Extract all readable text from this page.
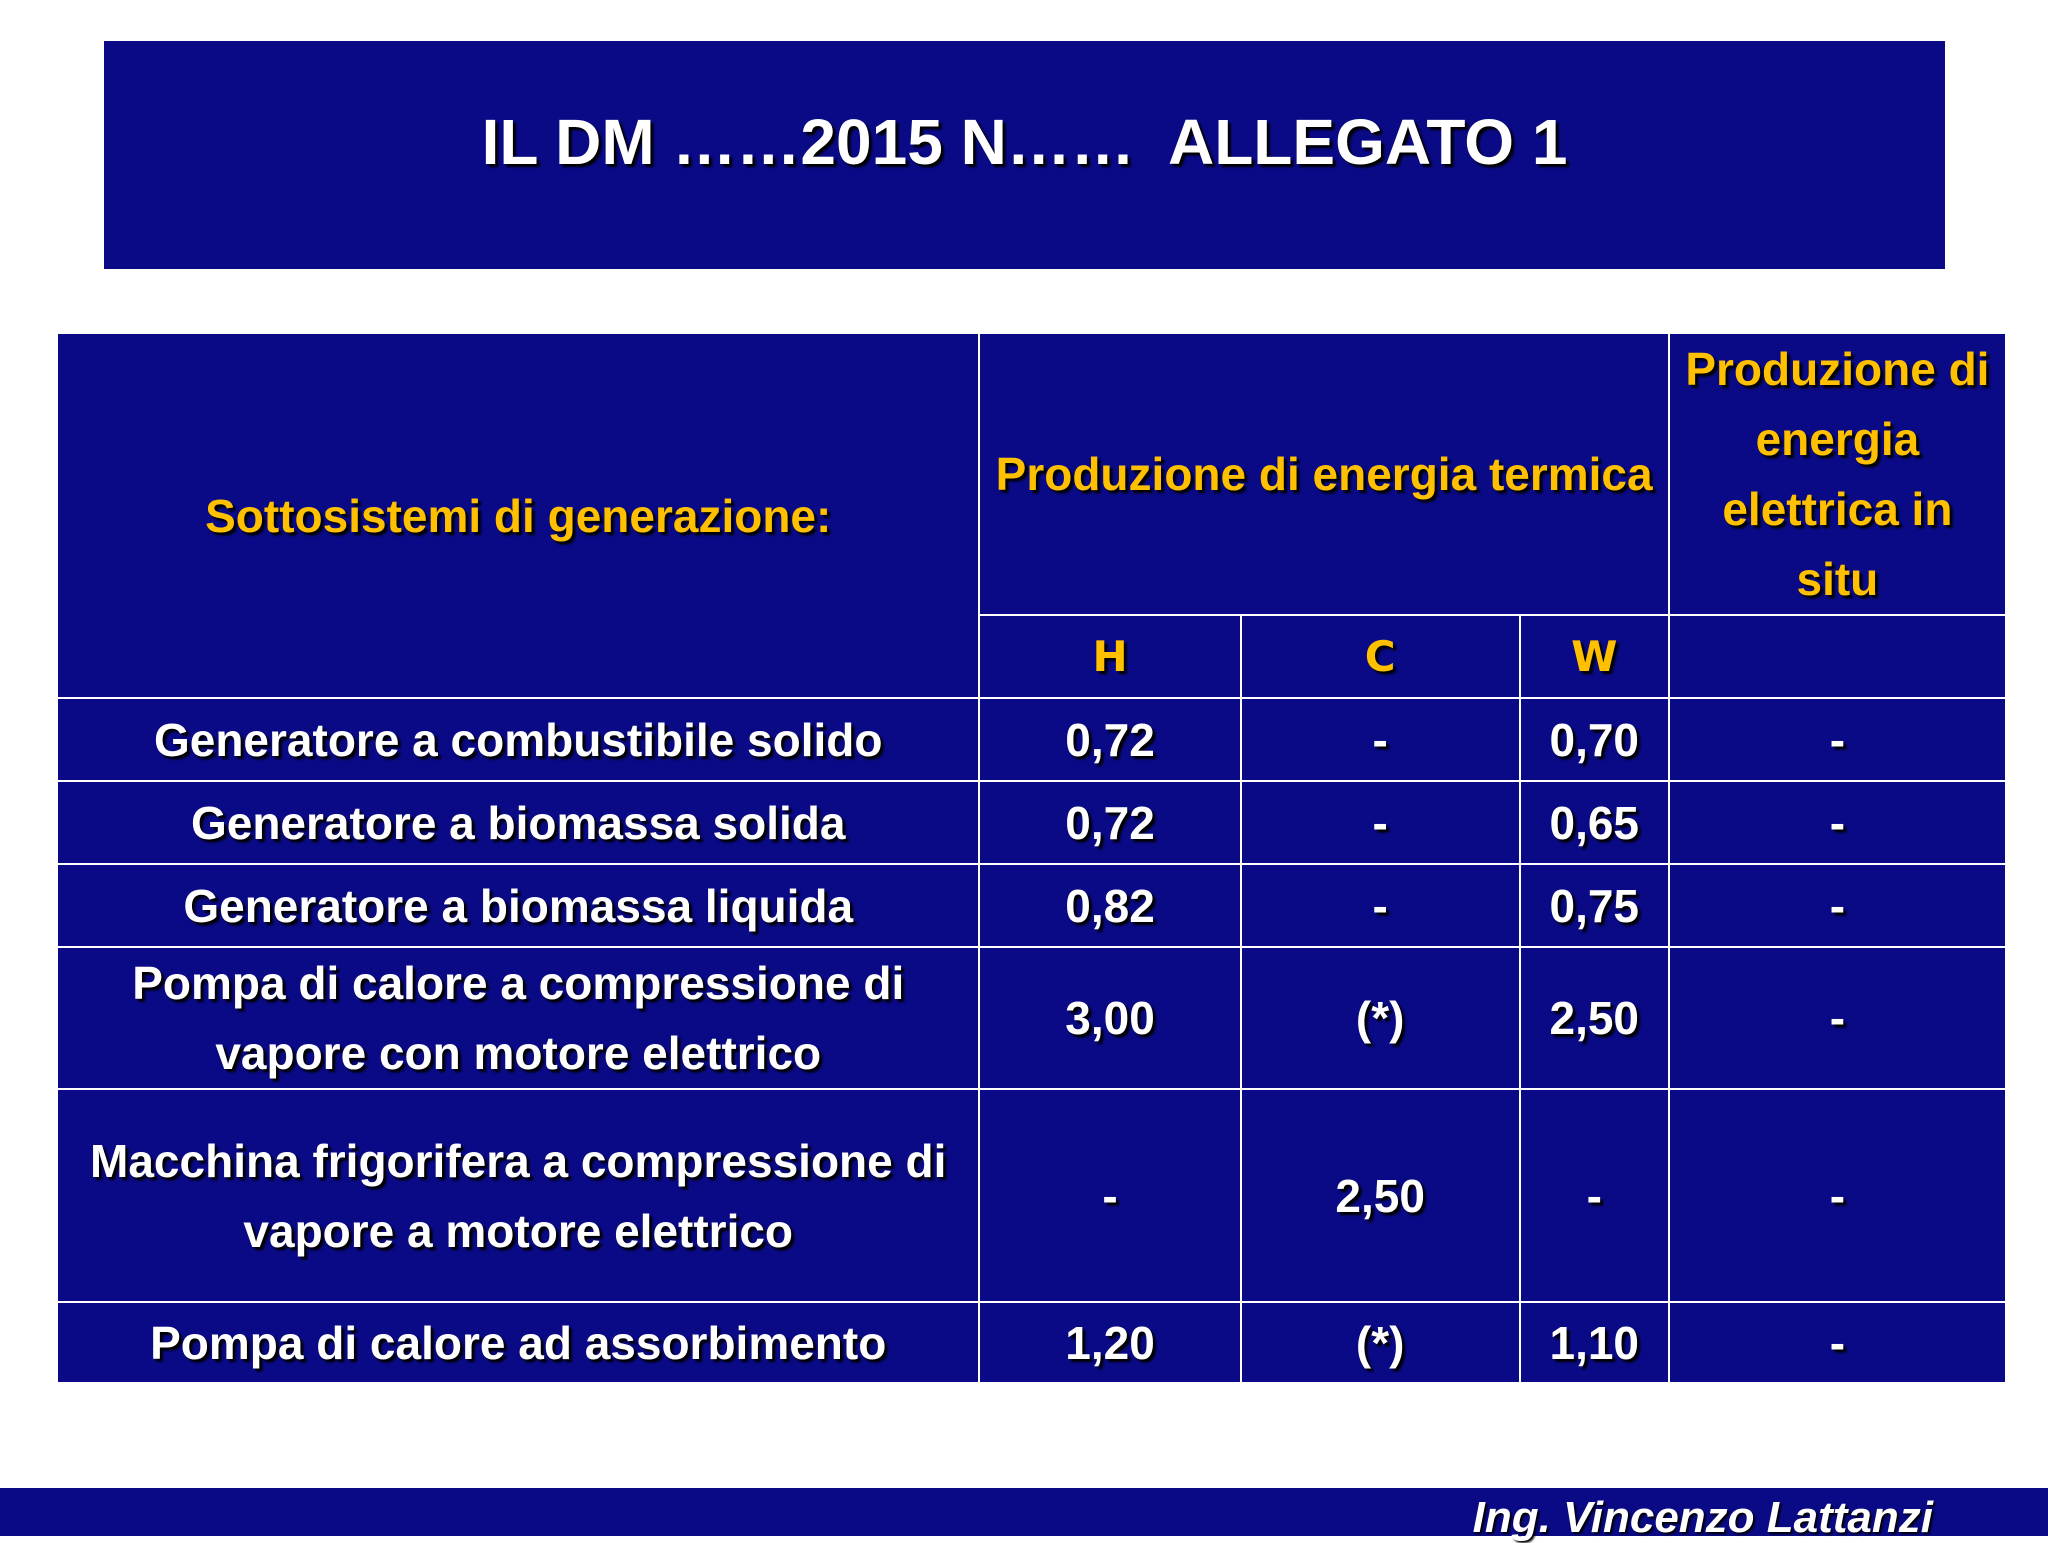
IL DM ……2015 N……  ALLEGATO 1
Sottosistemi di generazione:	Produzione di energia termica			Produzione di energia elettrica in situ
	H	C	W	
Generatore a combustibile solido	0,72	-	0,70	-
Generatore a biomassa solida	0,72	-	0,65	-
Generatore a biomassa liquida	0,82	-	0,75	-
Pompa di calore a compressione di vapore con motore elettrico	3,00	(*)	2,50	-
Macchina frigorifera a compressione di vapore a motore elettrico	-	2,50	-	-
Pompa di calore ad assorbimento	1,20	(*)	1,10	-
Ing. Vincenzo Lattanzi
